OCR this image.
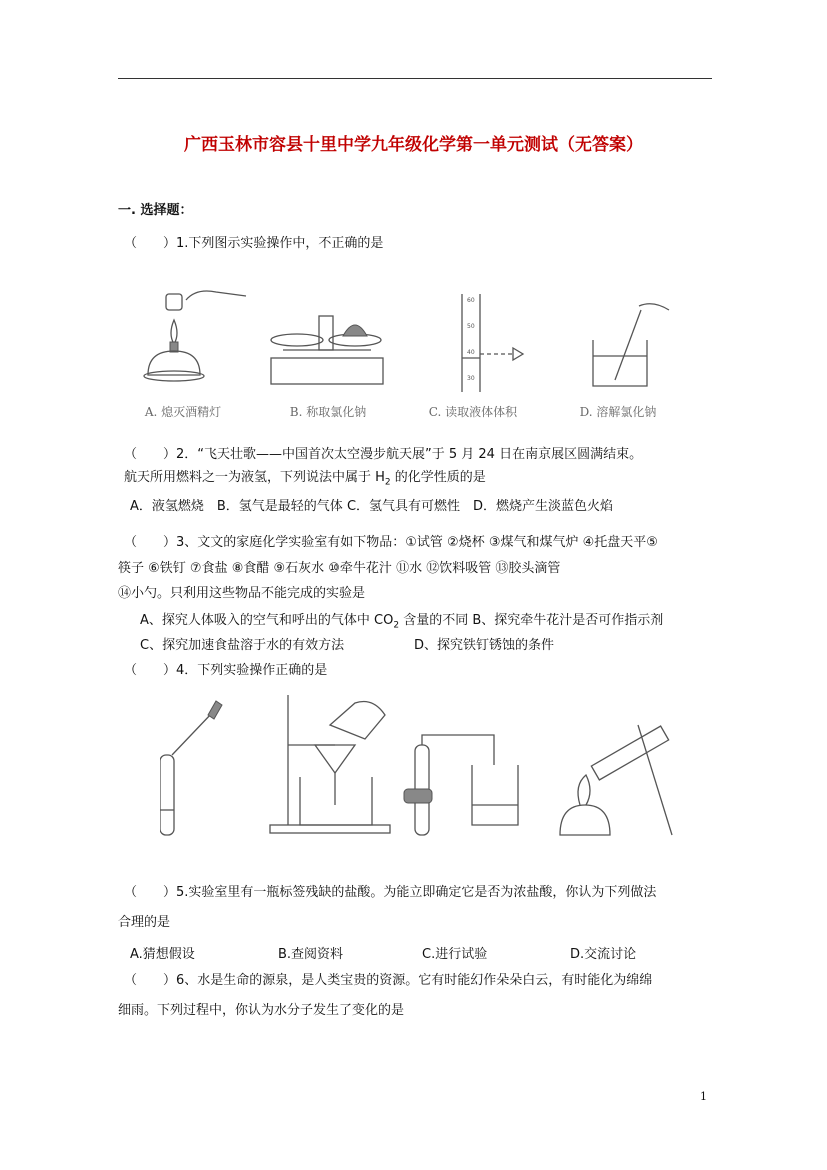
广西玉林市容县十里中学九年级化学第一单元测试（无答案）
一. 选择题：
（　　）1.下列图示实验操作中，不正确的是
A. 熄灭酒精灯	B. 称取氯化钠
60
50
40
30
C. 读取液体体积	D. 溶解氯化钠
（　　）2．“飞天壮歌——中国首次太空漫步航天展”于 5 月 24 日在南京展区圆满结束。
航天所用燃料之一为液氢，下列说法中属于 $H_2$ 的化学性质的是
A．液氢燃烧　B．氢气是最轻的气体 C．氢气具有可燃性　D．燃烧产生淡蓝色火焰
（　　）3、文文的家庭化学实验室有如下物品：①试管 ②烧杯 ③煤气和煤气炉 ④托盘天平⑤
筷子 ⑥铁钉 ⑦食盐 ⑧食醋 ⑨石灰水 ⑩牵牛花汁 ⑪水 ⑫饮料吸管 ⑬胶头滴管
⑭小勺。只利用这些物品不能完成的实验是
A、探究人体吸入的空气和呼出的气体中 $CO_2$ 含量的不同 B、探究牵牛花汁是否可作指示剂
C、探究加速食盐溶于水的有效方法	D、探究铁钉锈蚀的条件
（　　）4．下列实验操作正确的是
（　　）5.实验室里有一瓶标签残缺的盐酸。为能立即确定它是否为浓盐酸，你认为下列做法
合理的是
A.猜想假设	B.查阅资料	C.进行试验	D.交流讨论
（　　）6、水是生命的源泉，是人类宝贵的资源。它有时能幻作朵朵白云，有时能化为绵绵
细雨。下列过程中，你认为水分子发生了变化的是
1
